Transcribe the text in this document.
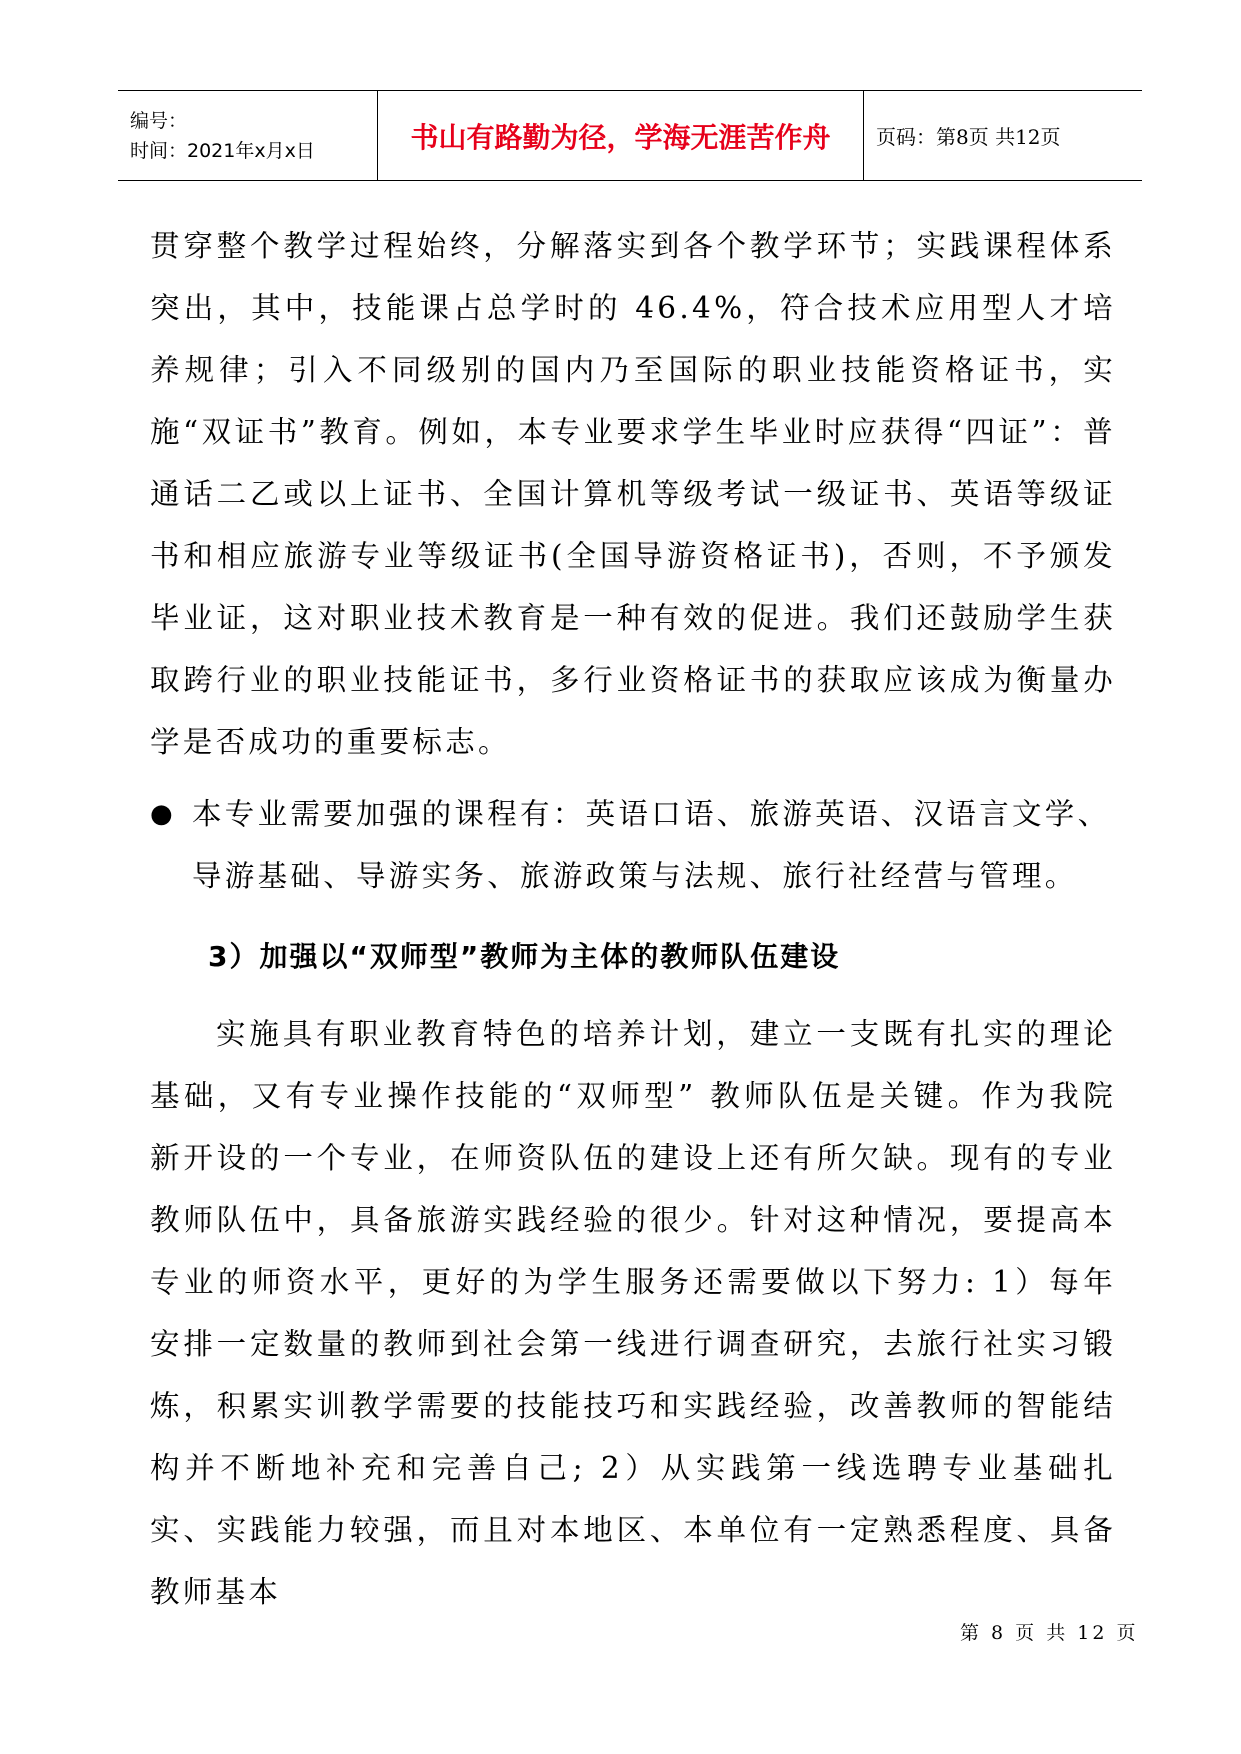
编号：
时间：2021年x月x日	书山有路勤为径，学海无涯苦作舟	页码：第8页 共12页

贯穿整个教学过程始终，分解落实到各个教学环节；实践课程体系突出，其中，技能课占总学时的 46.4%，符合技术应用型人才培养规律；引入不同级别的国内乃至国际的职业技能资格证书，实施“双证书”教育。例如，本专业要求学生毕业时应获得“四证”：普通话二乙或以上证书、全国计算机等级考试一级证书、英语等级证书和相应旅游专业等级证书(全国导游资格证书)，否则，不予颁发毕业证，这对职业技术教育是一种有效的促进。我们还鼓励学生获取跨行业的职业技能证书，多行业资格证书的获取应该成为衡量办学是否成功的重要标志。

● 本专业需要加强的课程有：英语口语、旅游英语、汉语言文学、导游基础、导游实务、旅游政策与法规、旅行社经营与管理。

3）加强以“双师型”教师为主体的教师队伍建设

实施具有职业教育特色的培养计划，建立一支既有扎实的理论基础，又有专业操作技能的“双师型” 教师队伍是关键。作为我院新开设的一个专业，在师资队伍的建设上还有所欠缺。现有的专业教师队伍中，具备旅游实践经验的很少。针对这种情况，要提高本专业的师资水平，更好的为学生服务还需要做以下努力: 1）每年安排一定数量的教师到社会第一线进行调查研究，去旅行社实习锻炼，积累实训教学需要的技能技巧和实践经验，改善教师的智能结构并不断地补充和完善自己; 2）从实践第一线选聘专业基础扎实、实践能力较强，而且对本地区、本单位有一定熟悉程度、具备教师基本

第 8 页 共 12 页
